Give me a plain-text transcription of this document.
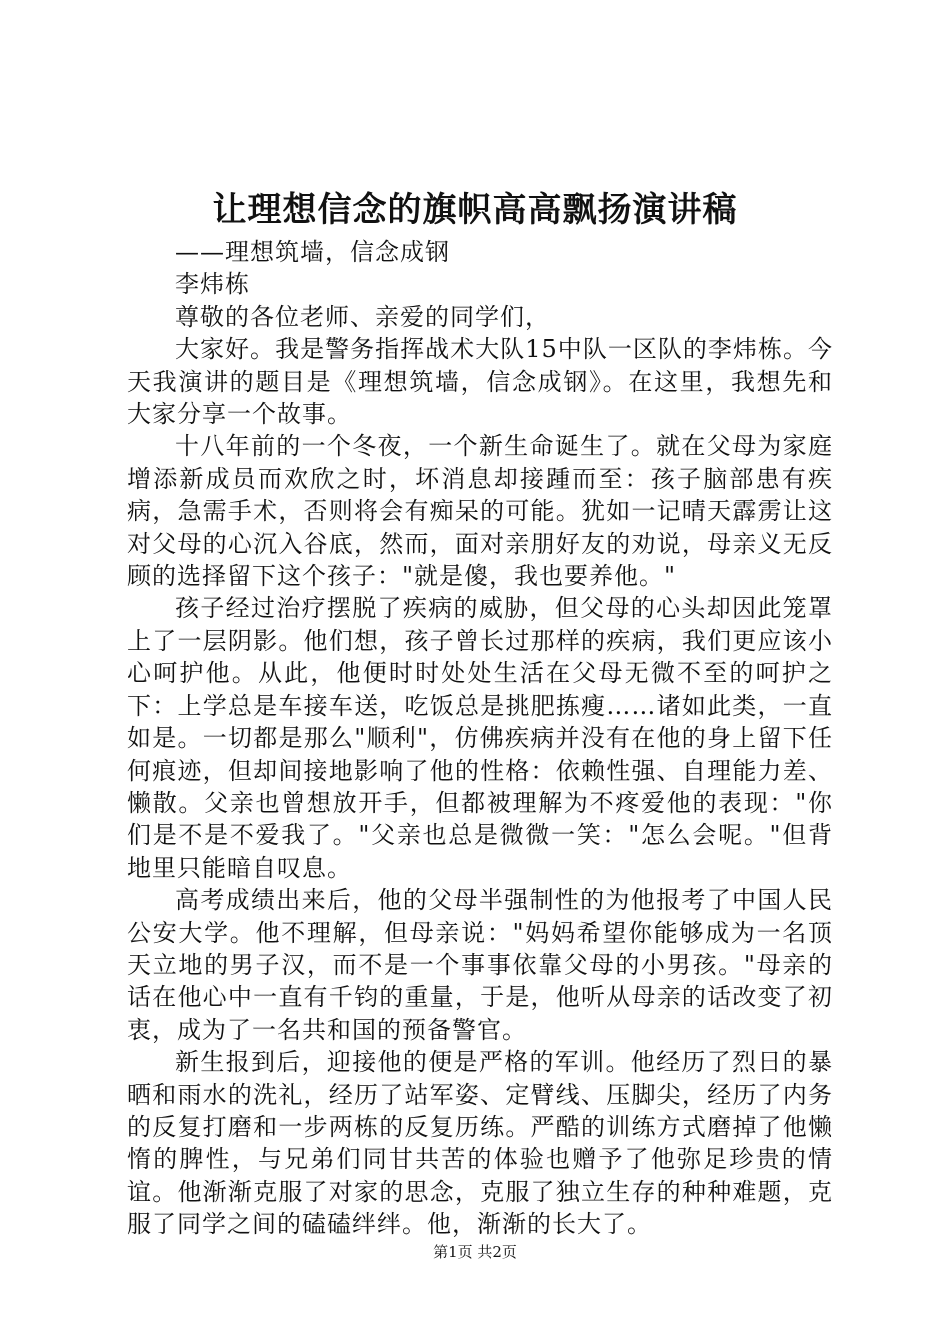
让理想信念的旗帜高高飘扬演讲稿

——理想筑墙，信念成钢

李炜栋

尊敬的各位老师、亲爱的同学们，

大家好。我是警务指挥战术大队15中队一区队的李炜栋。今天我演讲的题目是《理想筑墙，信念成钢》。在这里，我想先和大家分享一个故事。

十八年前的一个冬夜，一个新生命诞生了。就在父母为家庭增添新成员而欢欣之时，坏消息却接踵而至：孩子脑部患有疾病，急需手术，否则将会有痴呆的可能。犹如一记晴天霹雳让这对父母的心沉入谷底，然而，面对亲朋好友的劝说，母亲义无反顾的选择留下这个孩子："就是傻，我也要养他。"

孩子经过治疗摆脱了疾病的威胁，但父母的心头却因此笼罩上了一层阴影。他们想，孩子曾长过那样的疾病，我们更应该小心呵护他。从此，他便时时处处生活在父母无微不至的呵护之下：上学总是车接车送，吃饭总是挑肥拣瘦……诸如此类，一直如是。一切都是那么"顺利"，仿佛疾病并没有在他的身上留下任何痕迹，但却间接地影响了他的性格：依赖性强、自理能力差、懒散。父亲也曾想放开手，但都被理解为不疼爱他的表现："你们是不是不爱我了。"父亲也总是微微一笑："怎么会呢。"但背地里只能暗自叹息。

高考成绩出来后，他的父母半强制性的为他报考了中国人民公安大学。他不理解，但母亲说："妈妈希望你能够成为一名顶天立地的男子汉，而不是一个事事依靠父母的小男孩。"母亲的话在他心中一直有千钧的重量，于是，他听从母亲的话改变了初衷，成为了一名共和国的预备警官。

新生报到后，迎接他的便是严格的军训。他经历了烈日的暴晒和雨水的洗礼，经历了站军姿、定臂线、压脚尖，经历了内务的反复打磨和一步两栋的反复历练。严酷的训练方式磨掉了他懒惰的脾性，与兄弟们同甘共苦的体验也赠予了他弥足珍贵的情谊。他渐渐克服了对家的思念，克服了独立生存的种种难题，克服了同学之间的磕磕绊绊。他，渐渐的长大了。

第1页 共2页
